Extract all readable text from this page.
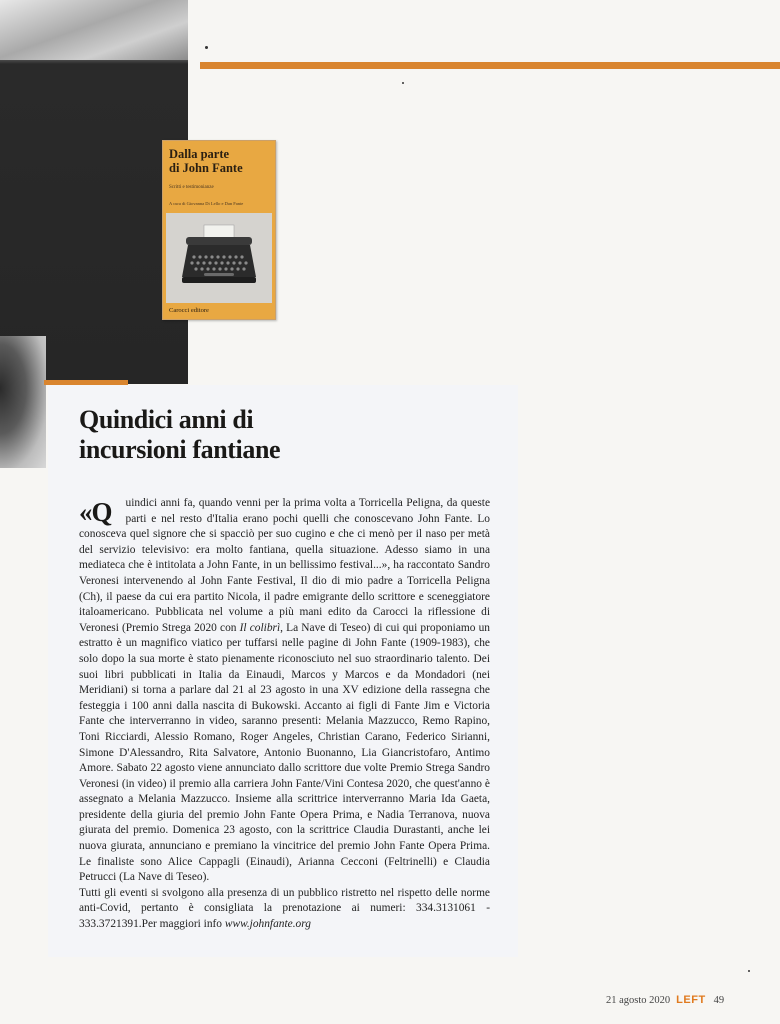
Dalla parte
di John Fante
Scritti e testimonianze
A cura di Giovanna Di Lello e Dan Fante
Carocci editore
Quindici anni di
incursioni fantiane
«Q	uindici anni fa, quando venni per la prima volta a Torricella Peligna, da queste parti e nel resto d'Italia erano pochi quelli che conoscevano John Fante. Lo conosceva quel signore che si spacciò per suo cugino e che ci menò per il naso per metà del servizio televisivo: era molto fantiana, quella situazione. Adesso siamo in una mediateca che è intitolata a John Fante, in un bellissimo festival...», ha raccontato Sandro Veronesi intervenendo al John Fante Festival, Il dio di mio padre a Torricella Peligna (Ch), il paese da cui era partito Nicola, il padre emigrante dello scrittore e sceneggiatore italoamericano. Pubblicata nel volume a più mani edito da Carocci la riflessione di Veronesi (Premio Strega 2020 con Il colibrì, La Nave di Teseo) di cui qui proponiamo un estratto è un magnifico viatico per tuffarsi nelle pagine di John Fante (1909-1983), che solo dopo la sua morte è stato pienamente riconosciuto nel suo straordinario talento. Dei suoi libri pubblicati in Italia da Einaudi, Marcos y Marcos e da Mondadori (nei Meridiani) si torna a parlare dal 21 al 23 agosto in una XV edizione della rassegna che festeggia i 100 anni dalla nascita di Bukowski. Accanto ai figli di Fante Jim e Victoria Fante che interverranno in video, saranno presenti: Melania Mazzucco, Remo Rapino, Toni Ricciardi, Alessio Romano, Roger Angeles, Christian Carano, Federico Sirianni, Simone D'Alessandro, Rita Salvatore, Antonio Buonanno, Lia Giancristofaro, Antimo Amore. Sabato 22 agosto viene annunciato dallo scrittore due volte Premio Strega Sandro Veronesi (in video) il premio alla carriera John Fante/Vini Contesa 2020, che quest'anno è assegnato a Melania Mazzucco. Insieme alla scrittrice interverranno Maria Ida Gaeta, presidente della giuria del premio John Fante Opera Prima, e Nadia Terranova, nuova giurata del premio. Domenica 23 agosto, con la scrittrice Claudia Durastanti, anche lei nuova giurata, annunciano e premiano la vincitrice del premio John Fante Opera Prima. Le finaliste sono Alice Cappagli (Einaudi), Arianna Cecconi (Feltrinelli) e Claudia Petrucci (La Nave di Teseo).

Tutti gli eventi si svolgono alla presenza di un pubblico ristretto nel rispetto delle norme anti-Covid, pertanto è consigliata la prenotazione ai numeri: 334.3131061 - 333.3721391.Per maggiori info www.johnfante.org

21 agosto 2020 LEFT 49
